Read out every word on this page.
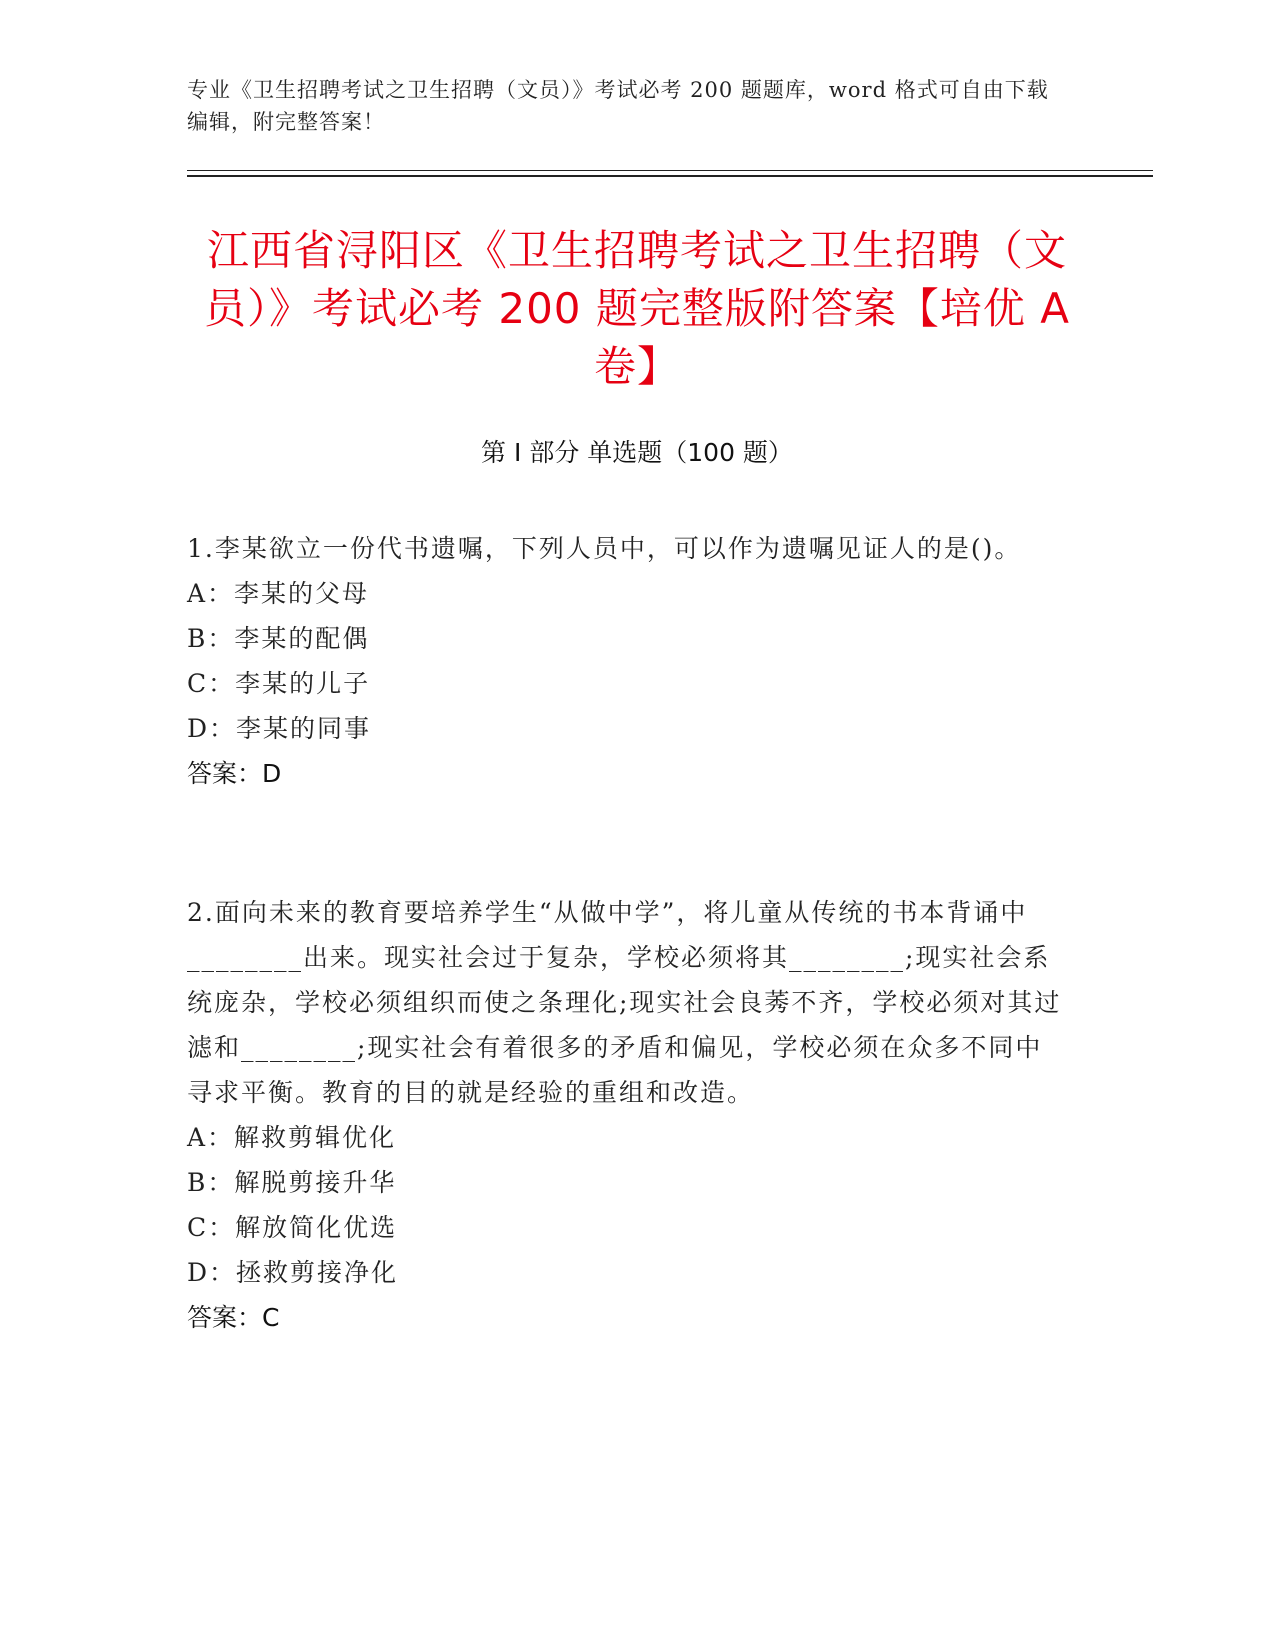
专业《卫生招聘考试之卫生招聘（文员）》考试必考 200 题题库，word 格式可自由下载编辑，附完整答案！
江西省浔阳区《卫生招聘考试之卫生招聘（文员）》考试必考 200 题完整版附答案【培优 A 卷】
第 I 部分 单选题（100 题）
1.李某欲立一份代书遗嘱，下列人员中，可以作为遗嘱见证人的是()。
A：李某的父母
B：李某的配偶
C：李某的儿子
D：李某的同事
答案：D
2.面向未来的教育要培养学生“从做中学”，将儿童从传统的书本背诵中________出来。现实社会过于复杂，学校必须将其________;现实社会系统庞杂，学校必须组织而使之条理化;现实社会良莠不齐，学校必须对其过滤和________;现实社会有着很多的矛盾和偏见，学校必须在众多不同中寻求平衡。教育的目的就是经验的重组和改造。
A：解救剪辑优化
B：解脱剪接升华
C：解放简化优选
D：拯救剪接净化
答案：C
